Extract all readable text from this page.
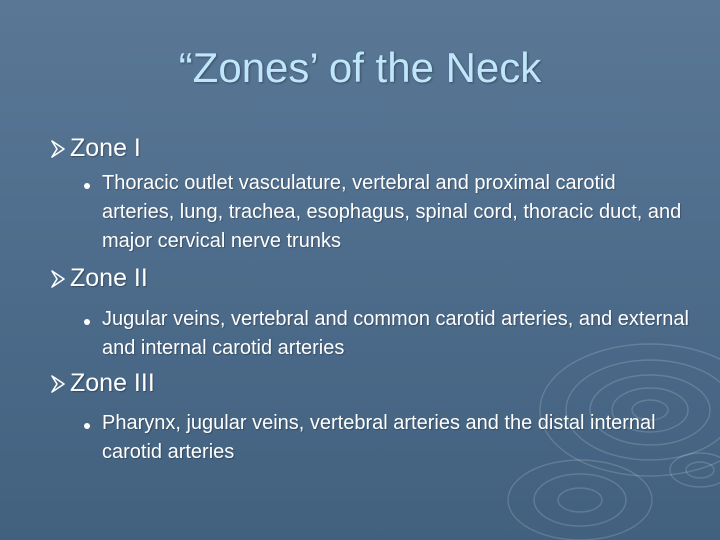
“Zones’ of the Neck
Zone I
Thoracic outlet vasculature, vertebral and proximal carotid arteries, lung, trachea, esophagus, spinal cord, thoracic duct, and major cervical nerve trunks
Zone II
Jugular veins, vertebral and common carotid arteries, and external and internal carotid arteries
Zone III
Pharynx, jugular veins, vertebral arteries and the distal internal carotid arteries
